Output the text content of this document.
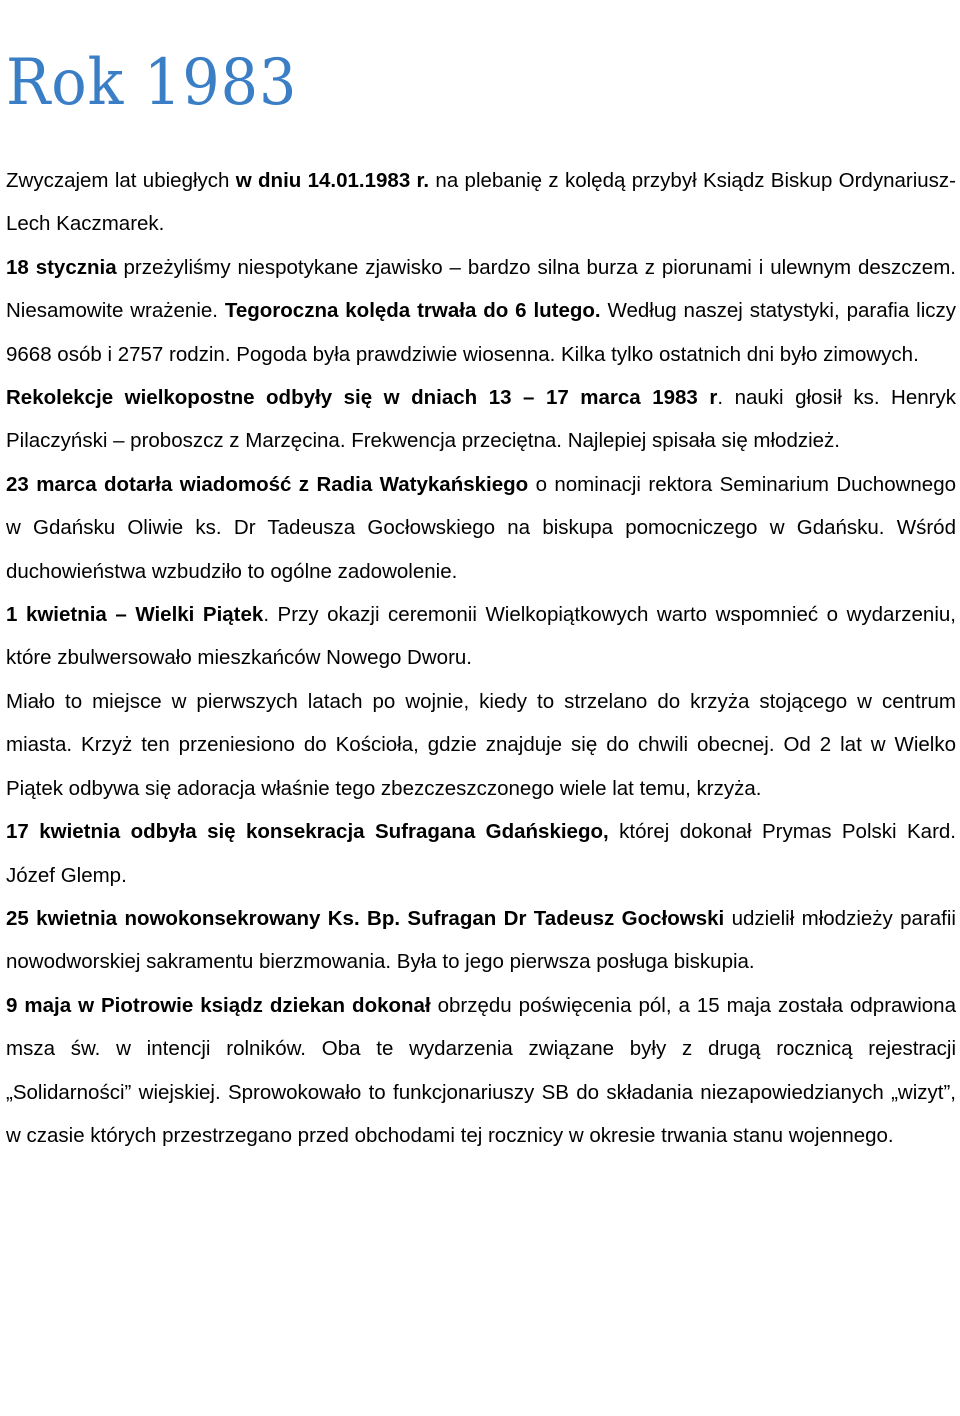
Rok 1983

Zwyczajem lat ubiegłych w dniu 14.01.1983 r. na plebanię z kolędą przybył Ksiądz Biskup Ordynariusz- Lech Kaczmarek.

18 stycznia przeżyliśmy niespotykane zjawisko – bardzo silna burza z piorunami i ulewnym deszczem. Niesamowite wrażenie. Tegoroczna kolęda trwała do 6 lutego. Według naszej statystyki, parafia liczy 9668 osób i 2757 rodzin. Pogoda była prawdziwie wiosenna. Kilka tylko ostatnich dni było zimowych.

Rekolekcje wielkopostne odbyły się w dniach 13 – 17 marca 1983 r. nauki głosił ks. Henryk Pilaczyński – proboszcz z Marzęcina. Frekwencja przeciętna. Najlepiej spisała się młodzież.

23 marca dotarła wiadomość z Radia Watykańskiego o nominacji rektora Seminarium Duchownego w Gdańsku Oliwie ks. Dr Tadeusza Gocłowskiego na biskupa pomocniczego w Gdańsku. Wśród duchowieństwa wzbudziło to ogólne zadowolenie.

1 kwietnia – Wielki Piątek. Przy okazji ceremonii Wielkopiątkowych warto wspomnieć o wydarzeniu, które zbulwersowało mieszkańców Nowego Dworu.

Miało to miejsce w pierwszych latach po wojnie, kiedy to strzelano do krzyża stojącego w centrum miasta. Krzyż ten przeniesiono do Kościoła, gdzie znajduje się do chwili obecnej. Od 2 lat w Wielko Piątek odbywa się adoracja właśnie tego zbezczeszczonego wiele lat temu, krzyża.

17 kwietnia odbyła się konsekracja Sufragana Gdańskiego, której dokonał Prymas Polski Kard. Józef Glemp.

25 kwietnia nowokonsekrowany Ks. Bp. Sufragan Dr Tadeusz Gocłowski udzielił młodzieży parafii nowodworskiej sakramentu bierzmowania. Była to jego pierwsza posługa biskupia.

9 maja w Piotrowie ksiądz dziekan dokonał obrzędu poświęcenia pól, a 15 maja została odprawiona msza św. w intencji rolników. Oba te wydarzenia związane były z drugą rocznicą rejestracji „Solidarności” wiejskiej. Sprowokowało to funkcjonariuszy SB do składania niezapowiedzianych „wizyt”, w czasie których przestrzegano przed obchodami tej rocznicy w okresie trwania stanu wojennego.
